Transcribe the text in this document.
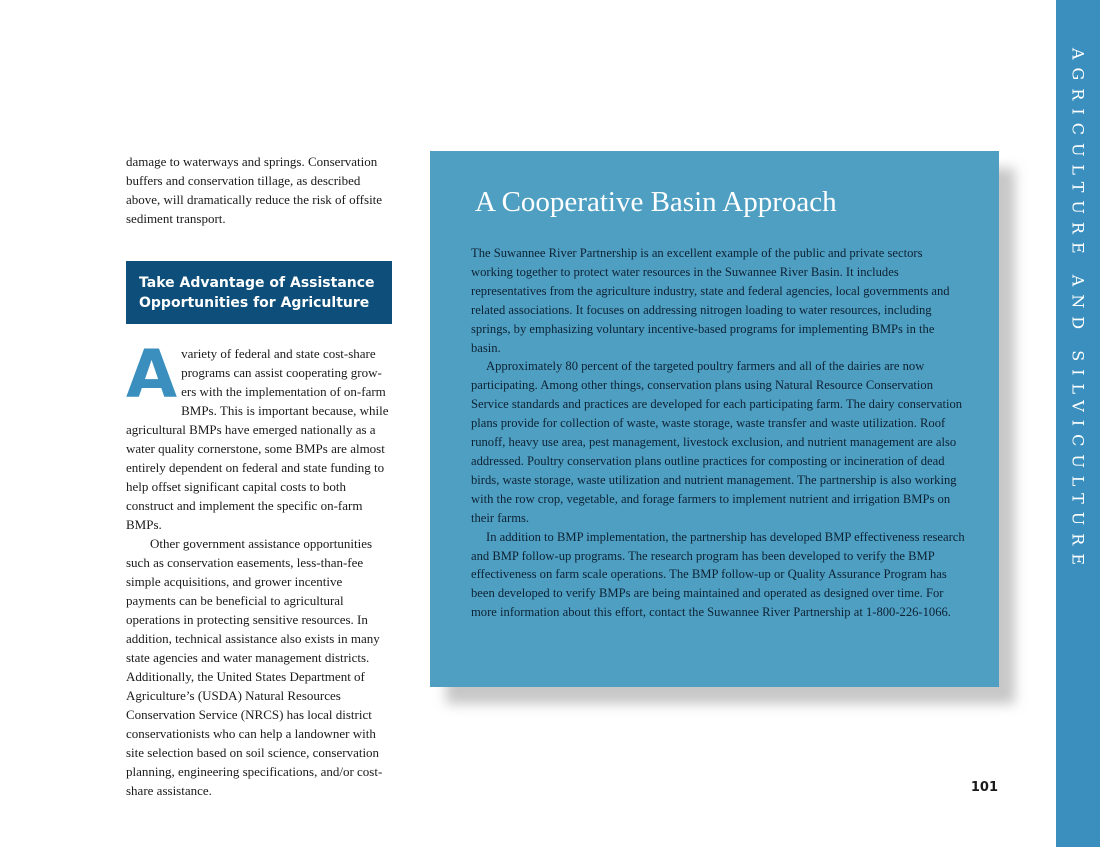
damage to waterways and springs. Conservation buffers and conservation tillage, as described above, will dramatically reduce the risk of offsite sediment transport.

Take Advantage of Assistance Opportunities for Agriculture

Avariety of federal and state cost-share programs can assist cooperating grow-ers with the implementation of on-farm BMPs. This is important because, while agricultural BMPs have emerged nationally as a water quality cornerstone, some BMPs are almost entirely dependent on federal and state funding to help offset significant capital costs to both construct and implement the specific on-farm BMPs.

Other government assistance opportunities such as conservation easements, less-than-fee simple acquisitions, and grower incentive payments can be beneficial to agricultural operations in protecting sensitive resources. In addition, technical assistance also exists in many state agencies and water management districts. Additionally, the United States Department of Agriculture’s (USDA) Natural Resources Conservation Service (NRCS) has local district conservationists who can help a landowner with site selection based on soil science, conservation planning, engineering specifications, and/or cost-share assistance.

A Cooperative Basin Approach

The Suwannee River Partnership is an excellent example of the public and private sectors working together to protect water resources in the Suwannee River Basin. It includes representatives from the agriculture industry, state and federal agencies, local governments and related associations. It focuses on addressing nitrogen loading to water resources, including springs, by emphasizing voluntary incentive-based programs for implementing BMPs in the basin.

Approximately 80 percent of the targeted poultry farmers and all of the dairies are now participating. Among other things, conservation plans using Natural Resource Conservation Service standards and practices are developed for each participating farm. The dairy conservation plans provide for collection of waste, waste storage, waste transfer and waste utilization. Roof runoff, heavy use area, pest management, livestock exclusion, and nutrient management are also addressed. Poultry conservation plans outline practices for composting or incineration of dead birds, waste storage, waste utilization and nutrient management. The partnership is also working with the row crop, vegetable, and forage farmers to implement nutrient and irrigation BMPs on their farms.

In addition to BMP implementation, the partnership has developed BMP effectiveness research and BMP follow-up programs. The research program has been developed to verify the BMP effectiveness on farm scale operations. The BMP follow-up or Quality Assurance Program has been developed to verify BMPs are being maintained and operated as designed over time. For more information about this effort, contact the Suwannee River Partnership at 1-800-226-1066.

AGRICULTURE AND SILVICULTURE
101
